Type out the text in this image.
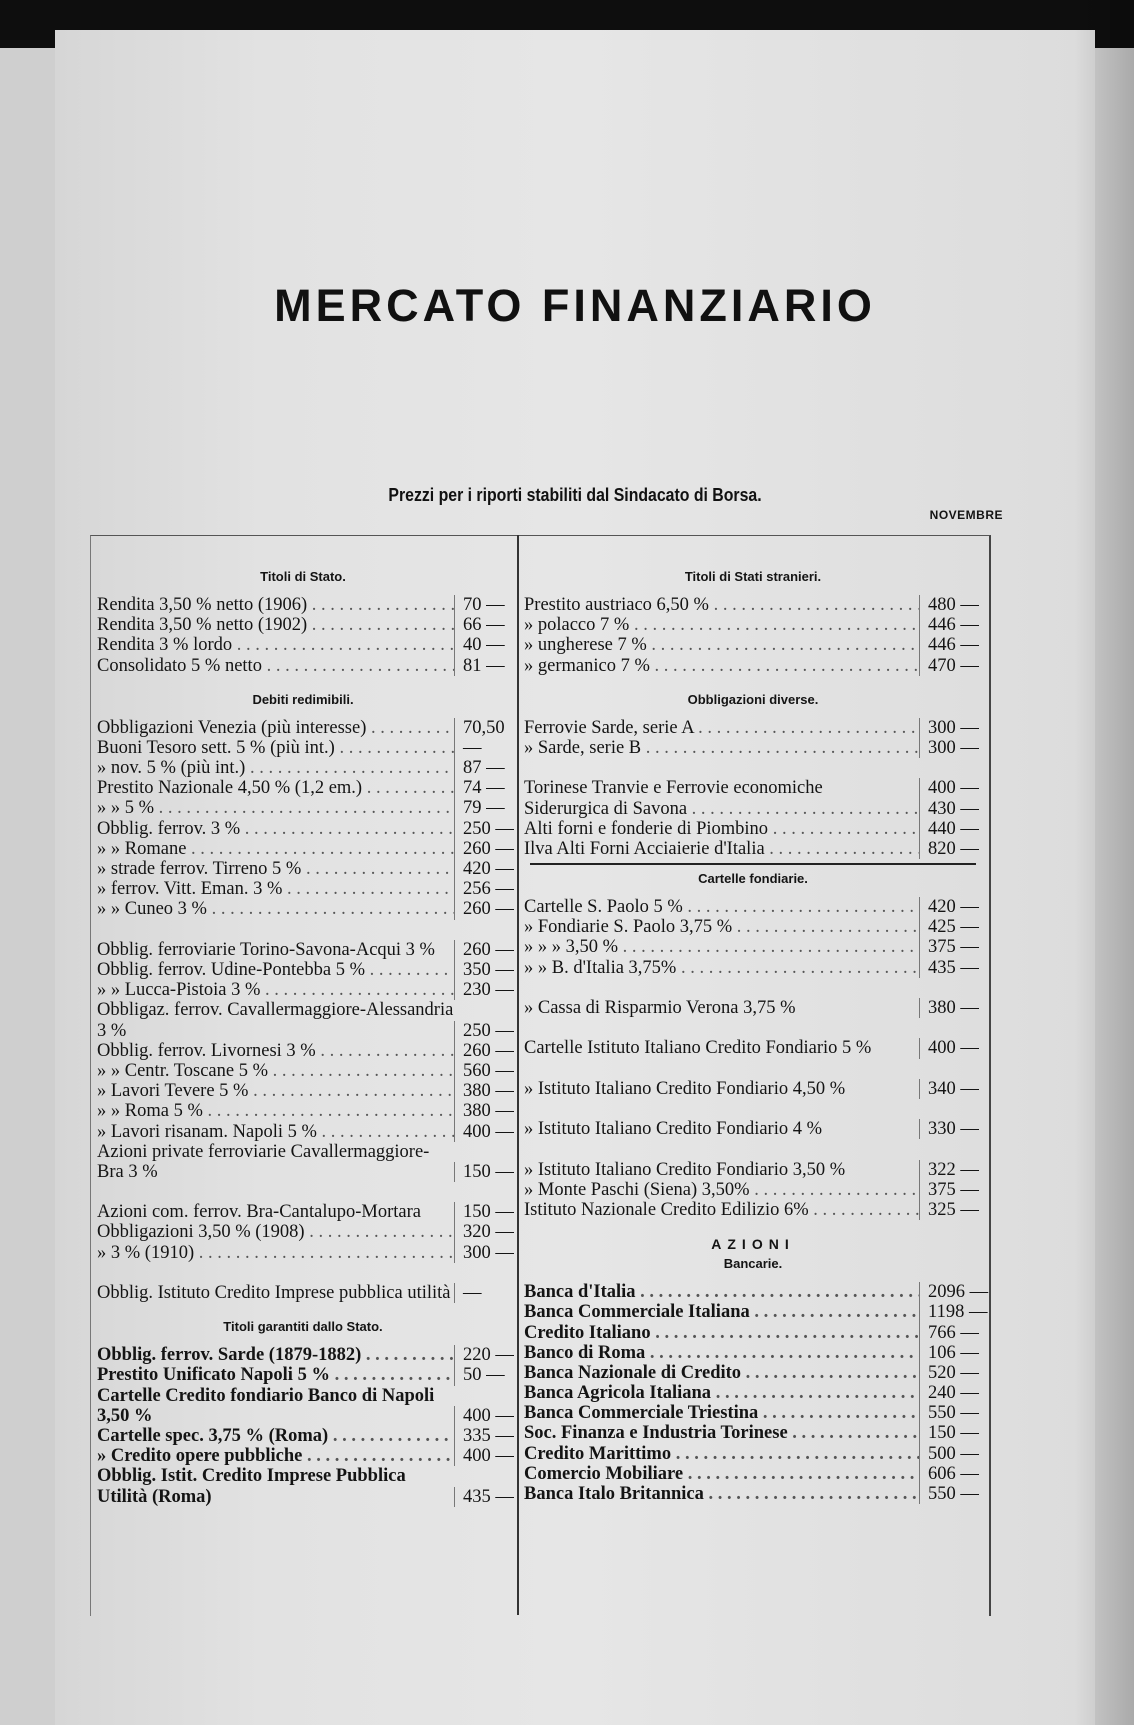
MERCATO FINANZIARIO
Prezzi per i riporti stabiliti dal Sindacato di Borsa.
NOVEMBRE
Titoli di Stato.
Rendita 3,50 % netto (1906) . . .	70 —
Rendita 3,50 % netto (1902) . . .	66 —
Rendita 3 % lordo . . .	40 —
Consolidato 5 % netto . . .	81 —
Debiti redimibili.
Obbligazioni Venezia (più interesse) . . .	70,50
Buoni Tesoro sett. 5 % (più int.) . . .	—
» nov. 5 % (più int.) . . .	87 —
Prestito Nazionale 4,50 % (1,2 em.) . . .	74 —
» » 5 % . . .	79 —
Obblig. ferrov. 3 % . . .	250 —
» » Romane . . .	260 —
» strade ferrov. Tirreno 5 % . . .	420 —
» ferrov. Vitt. Eman. 3 % . . .	256 —
» » Cuneo 3 % . . .	260 —
Obblig. ferroviarie Torino-Savona-Acqui 3 %	260 —
Obblig. ferrov. Udine-Pontebba 5 % . . .	350 —
» » Lucca-Pistoia 3 % . . .	230 —
Obbligaz. ferrov. Cavallermaggiore-Alessandria 3 %	250 —
Obblig. ferrov. Livornesi 3 % . . .	260 —
» » Centr. Toscane 5 % . . .	560 —
» Lavori Tevere 5 % . . .	380 —
» » Roma 5 % . . .	380 —
» Lavori risanam. Napoli 5 % . . .	400 —
Azioni private ferroviarie Cavallermaggiore-Bra 3 %	150 —
Azioni com. ferrov. Bra-Cantalupo-Mortara	150 —
Obbligazioni 3,50 % (1908) . . .	320 —
» 3 % (1910) . . .	300 —
Obblig. Istituto Credito Imprese pubblica utilità —
Titoli garantiti dallo Stato.
Obblig. ferrov. Sarde (1879-1882) . . .	220 —
Prestito Unificato Napoli 5 % . . .	50 —
Cartelle Credito fondiario Banco di Napoli 3,50 %	400 —
Cartelle spec. 3,75 % (Roma) . . .	335 —
» Credito opere pubbliche . . .	400 —
Obblig. Istit. Credito Imprese Pubblica Utilità (Roma)	435 —
Titoli di Stati stranieri.
Prestito austriaco 6,50 % . . .	480 —
» polacco 7 % . . .	446 —
» ungherese 7 % . . .	446 —
» germanico 7 % . . .	470 —
Obbligazioni diverse.
Ferrovie Sarde, serie A . . .	300 —
» Sarde, serie B . . .	300 —
Torinese Tranvie e Ferrovie economiche	400 —
Siderurgica di Savona . . .	430 —
Alti forni e fonderie di Piombino . . .	440 —
Ilva Alti Forni Acciaierie d'Italia . . .	820 —
Cartelle fondiarie.
Cartelle S. Paolo 5 % . . .	420 —
» Fondiarie S. Paolo 3,75 % . . .	425 —
» » » 3,50 % . . .	375 —
» » B. d'Italia 3,75% . . .	435 —
» Cassa di Risparmio Verona 3,75 %	380 —
Cartelle Istituto Italiano Credito Fondiario 5 %	400 —
» Istituto Italiano Credito Fondiario 4,50 %	340 —
» Istituto Italiano Credito Fondiario 4 %	330 —
» Istituto Italiano Credito Fondiario 3,50 %	322 —
» Monte Paschi (Siena) 3,50% . . .	375 —
Istituto Nazionale Credito Edilizio 6% . . .	325 —
AZIONI
Bancarie.
Banca d'Italia . . .	2096 —
Banca Commerciale Italiana . . .	1198 —
Credito Italiano . . .	766 —
Banco di Roma . . .	106 —
Banca Nazionale di Credito . . .	520 —
Banca Agricola Italiana . . .	240 —
Banca Commerciale Triestina . . .	550 —
Soc. Finanza e Industria Torinese . . .	150 —
Credito Marittimo . . .	500 —
Comercio Mobiliare . . .	606 —
Banca Italo Britannica . . .	550 —
